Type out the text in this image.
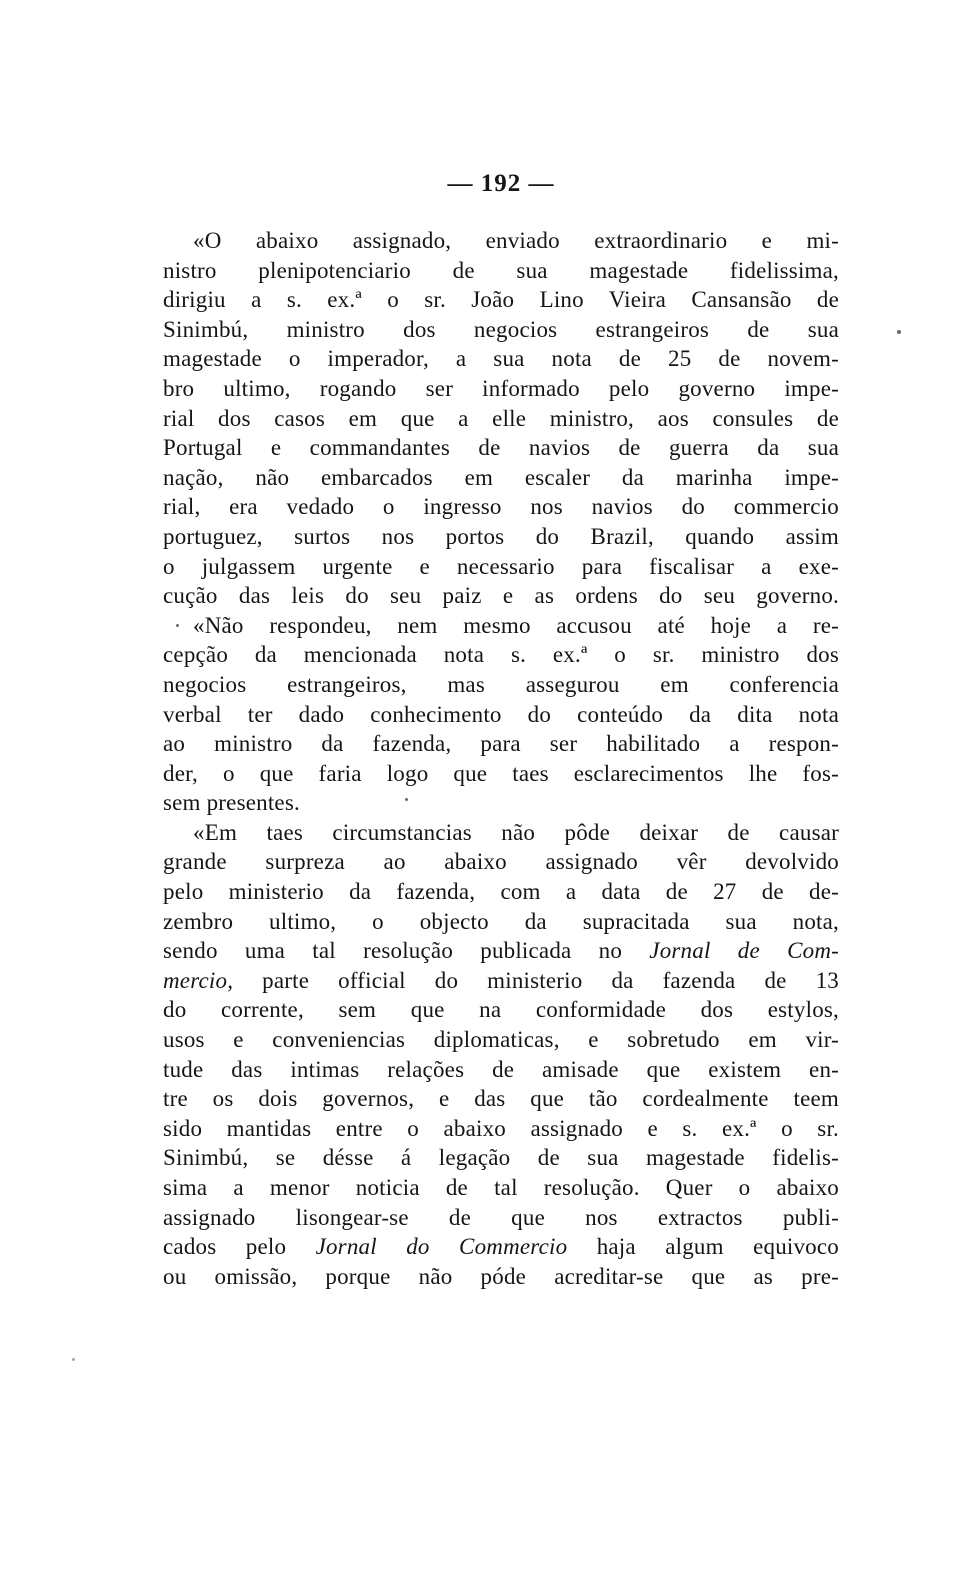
— 192 —
«O abaixo assignado, enviado extraordinario e mi-
nistro plenipotenciario de sua magestade fidelissima,
dirigiu a s. ex.ª o sr. João Lino Vieira Cansansão de
Sinimbú, ministro dos negocios estrangeiros de sua
magestade o imperador, a sua nota de 25 de novem-
bro ultimo, rogando ser informado pelo governo impe-
rial dos casos em que a elle ministro, aos consules de
Portugal e commandantes de navios de guerra da sua
nação, não embarcados em escaler da marinha impe-
rial, era vedado o ingresso nos navios do commercio
portuguez, surtos nos portos do Brazil, quando assim
o julgassem urgente e necessario para fiscalisar a exe-
cução das leis do seu paiz e as ordens do seu governo.
«Não respondeu, nem mesmo accusou até hoje a re-
cepção da mencionada nota s. ex.ª o sr. ministro dos
negocios estrangeiros, mas assegurou em conferencia
verbal ter dado conhecimento do conteúdo da dita nota
ao ministro da fazenda, para ser habilitado a respon-
der, o que faria logo que taes esclarecimentos lhe fos-
sem presentes.
«Em taes circumstancias não pôde deixar de causar
grande surpreza ao abaixo assignado vêr devolvido
pelo ministerio da fazenda, com a data de 27 de de-
zembro ultimo, o objecto da supracitada sua nota,
sendo uma tal resolução publicada no Jornal de Com-
mercio, parte official do ministerio da fazenda de 13
do corrente, sem que na conformidade dos estylos,
usos e conveniencias diplomaticas, e sobretudo em vir-
tude das intimas relações de amisade que existem en-
tre os dois governos, e das que tão cordealmente teem
sido mantidas entre o abaixo assignado e s. ex.ª o sr.
Sinimbú, se désse á legação de sua magestade fidelis-
sima a menor noticia de tal resolução. Quer o abaixo
assignado lisongear-se de que nos extractos publi-
cados pelo Jornal do Commercio haja algum equivoco
ou omissão, porque não póde acreditar-se que as pre-
